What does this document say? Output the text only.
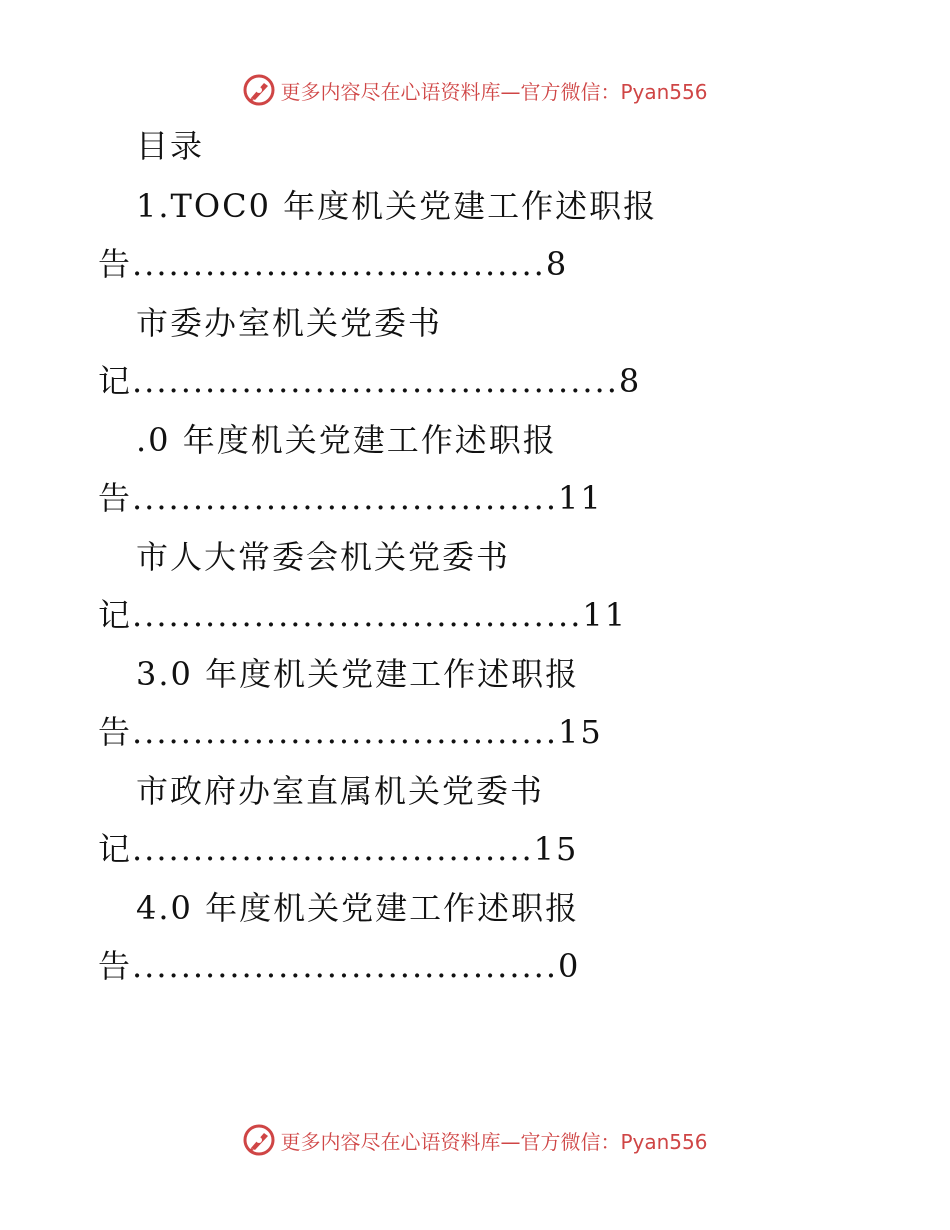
更多内容尽在心语资料库—官方微信：Pyan556
目录
1.TOC0 年度机关党建工作述职报
告..................................8
市委办室机关党委书
记........................................8
.0 年度机关党建工作述职报
告...................................11
市人大常委会机关党委书
记.....................................11
3.0 年度机关党建工作述职报
告...................................15
市政府办室直属机关党委书
记.................................15
4.0 年度机关党建工作述职报
告...................................0
更多内容尽在心语资料库—官方微信：Pyan556
